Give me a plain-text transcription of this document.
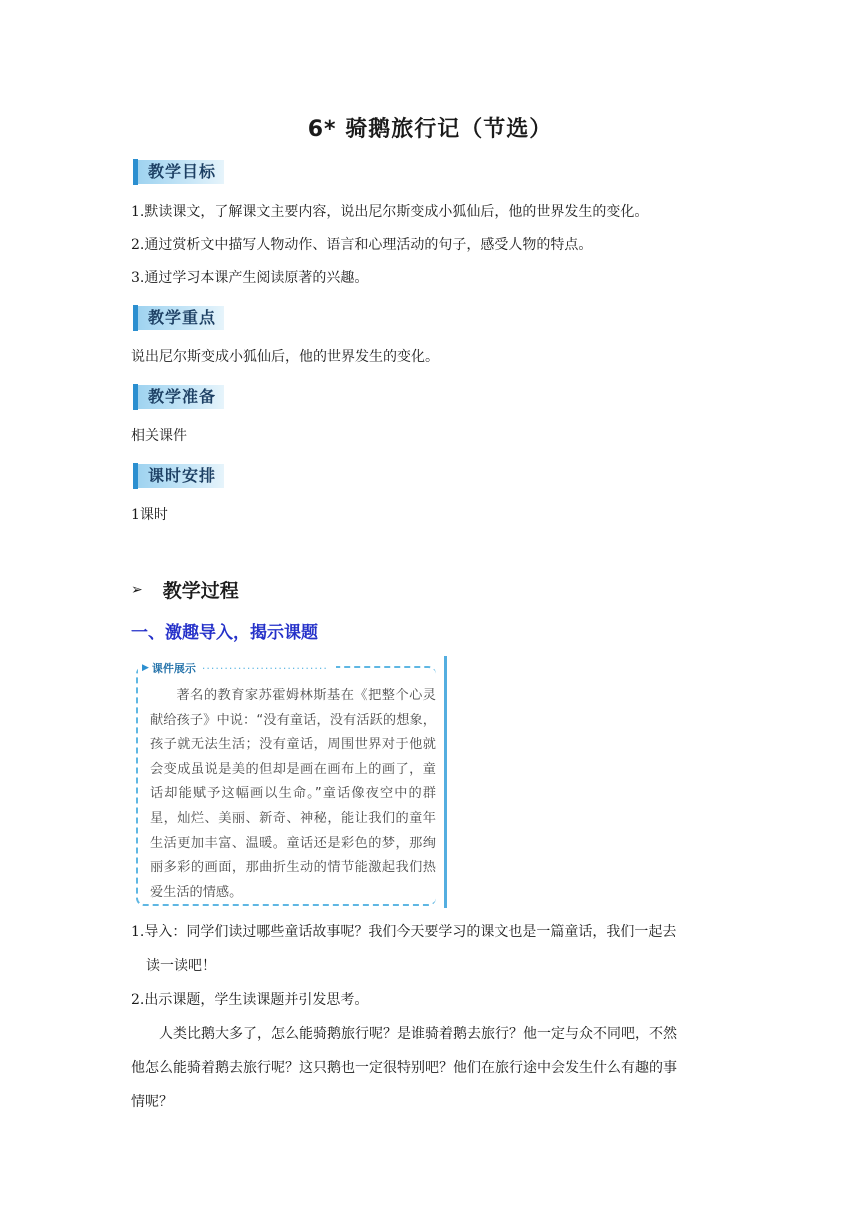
6* 骑鹅旅行记（节选）
教学目标
1.默读课文，了解课文主要内容，说出尼尔斯变成小狐仙后，他的世界发生的变化。
2.通过赏析文中描写人物动作、语言和心理活动的句子，感受人物的特点。
3.通过学习本课产生阅读原著的兴趣。
教学重点
说出尼尔斯变成小狐仙后，他的世界发生的变化。
教学准备
相关课件
课时安排
1课时
➢ 教学过程
一、激趣导入，揭示课题
▶ 课件展示 ····························
著名的教育家苏霍姆林斯基在《把整个心灵献给孩子》中说：“没有童话，没有活跃的想象，孩子就无法生活；没有童话，周围世界对于他就会变成虽说是美的但却是画在画布上的画了，童话却能赋予这幅画以生命。”童话像夜空中的群星，灿烂、美丽、新奇、神秘，能让我们的童年生活更加丰富、温暖。童话还是彩色的梦，那绚丽多彩的画面，那曲折生动的情节能激起我们热爱生活的情感。
1.导入：同学们读过哪些童话故事呢？我们今天要学习的课文也是一篇童话，我们一起去
读一读吧！
2.出示课题，学生读课题并引发思考。
人类比鹅大多了，怎么能骑鹅旅行呢？是谁骑着鹅去旅行？他一定与众不同吧，不然
他怎么能骑着鹅去旅行呢？这只鹅也一定很特别吧？他们在旅行途中会发生什么有趣的事
情呢？
